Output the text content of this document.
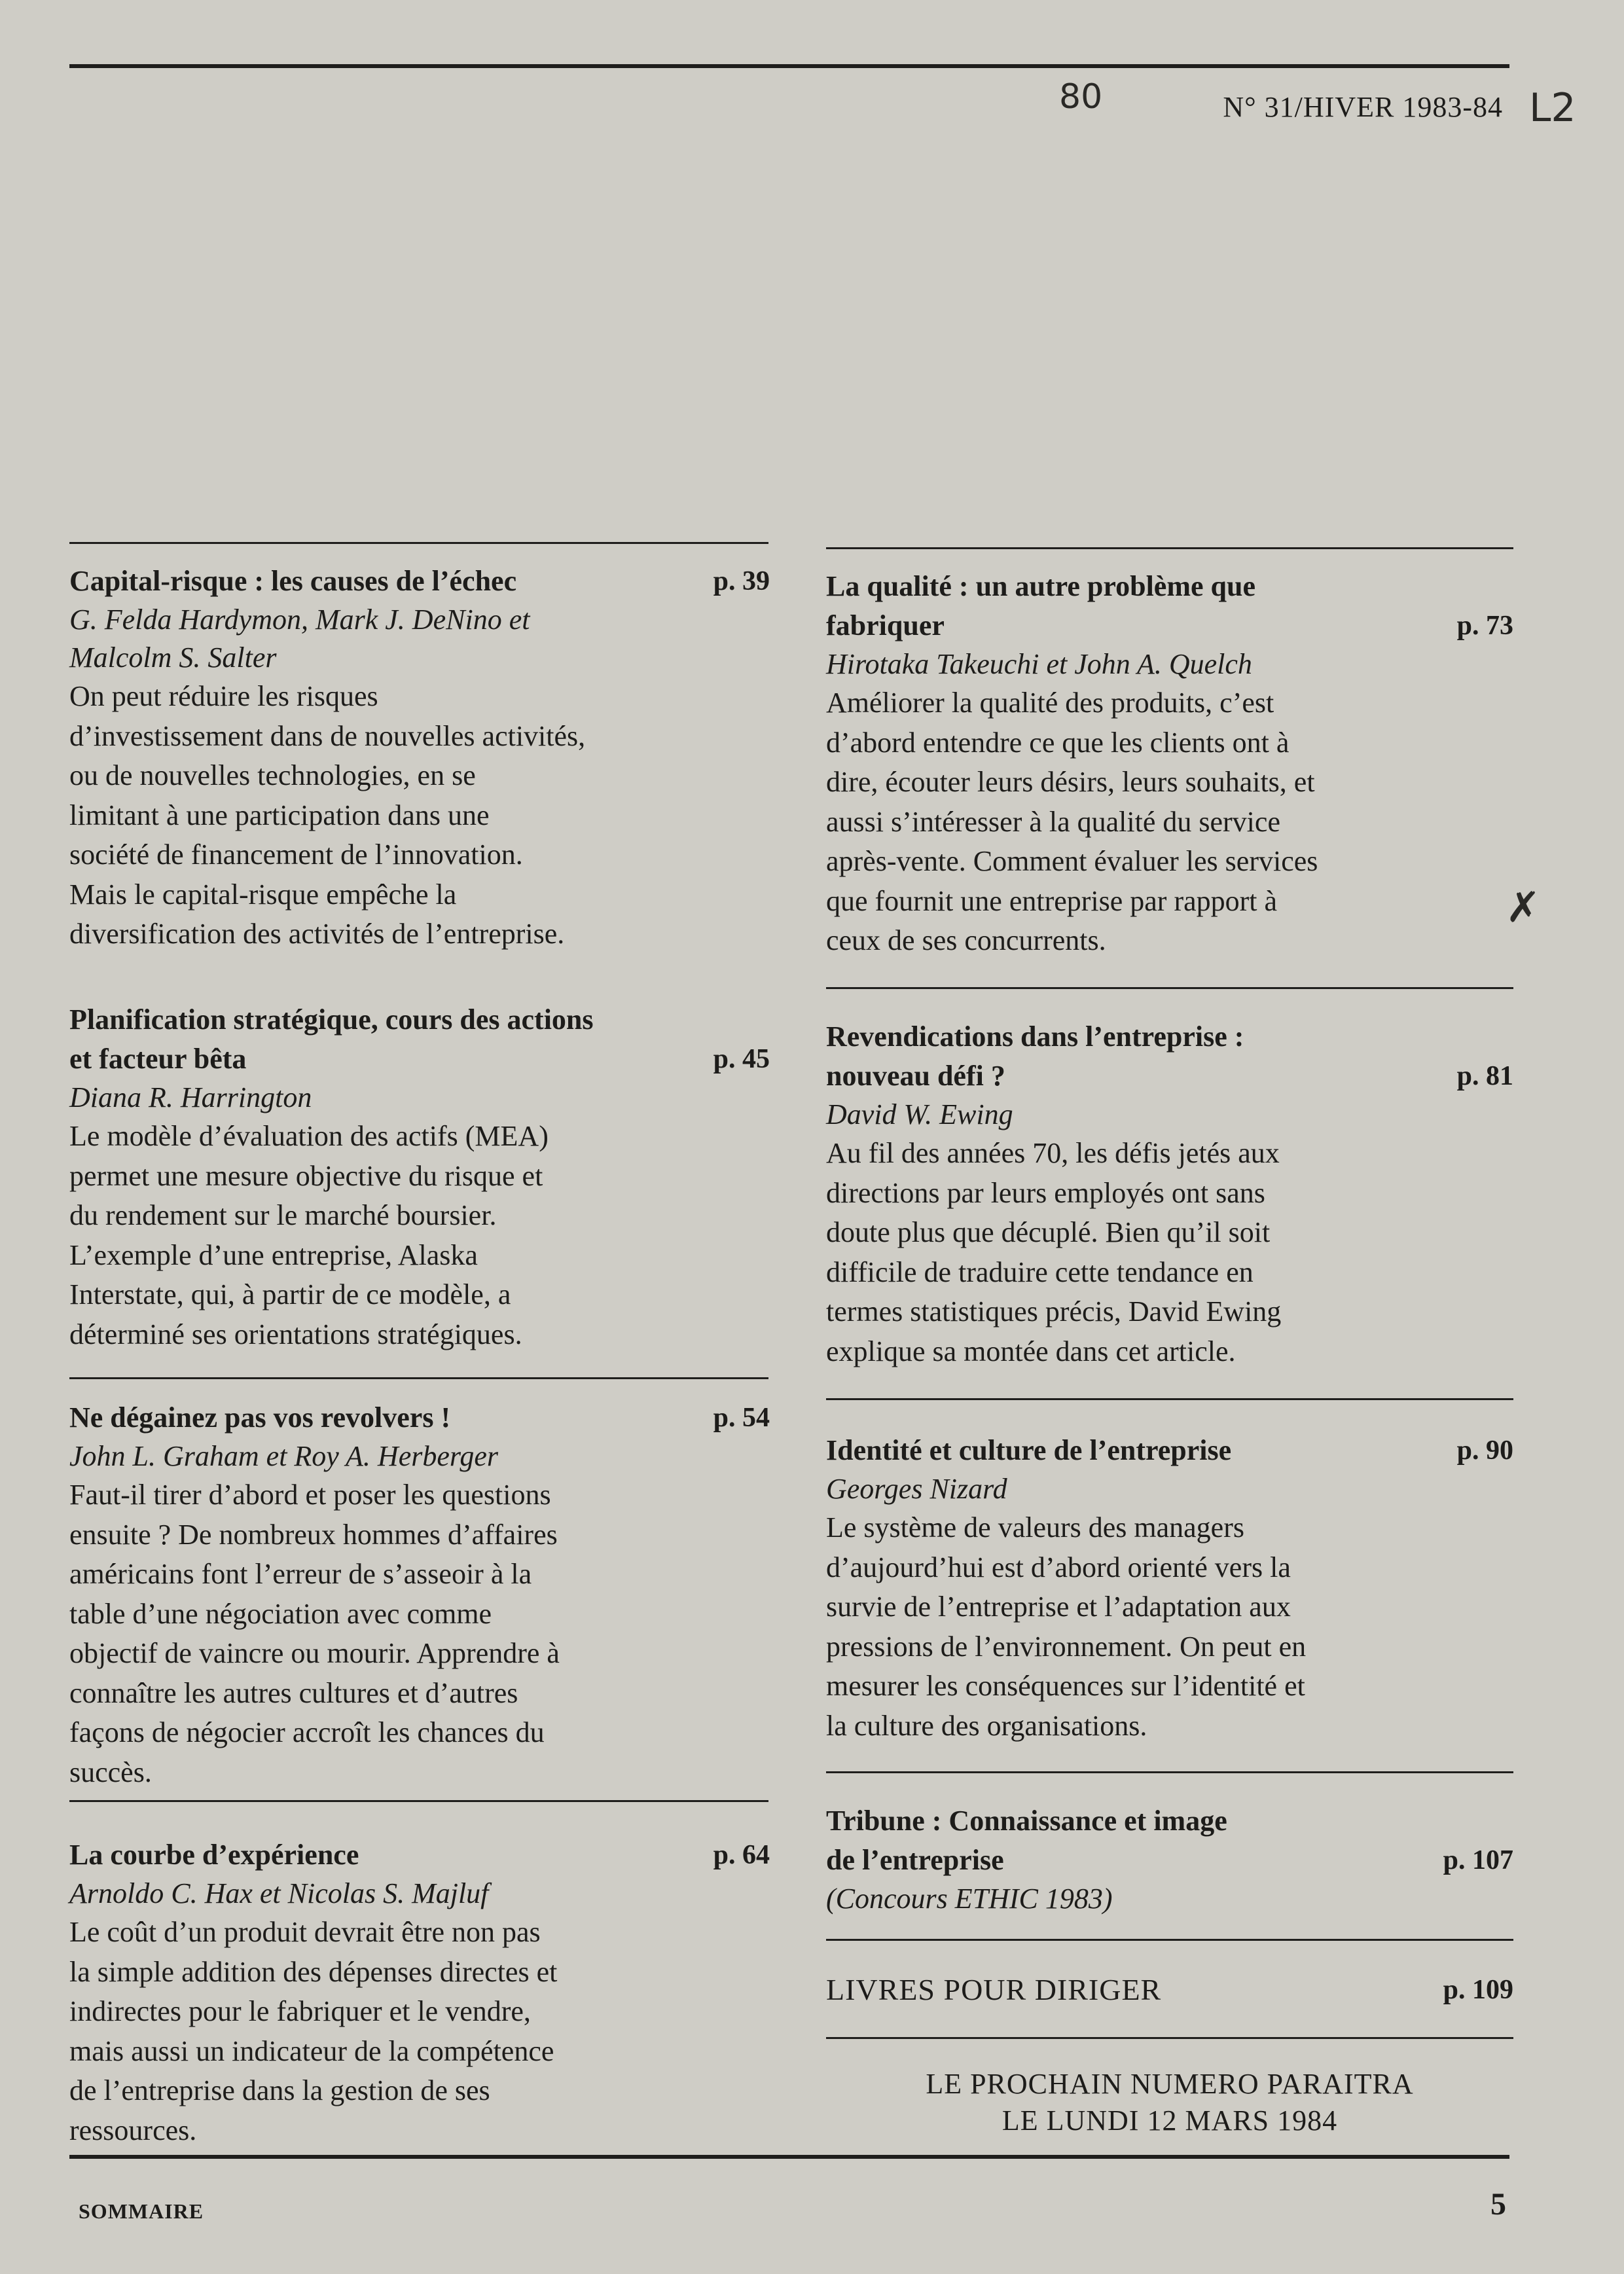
80	L2
N° 31/HIVER 1983-84
Capital-risque : les causes de l’échec	p. 39
G. Felda Hardymon, Mark J. DeNino et
Malcolm S. Salter
On peut réduire les risques
d’investissement dans de nouvelles activités,
ou de nouvelles technologies, en se
limitant à une participation dans une
société de financement de l’innovation.
Mais le capital-risque empêche la
diversification des activités de l’entreprise.
Planification stratégique, cours des actions
et facteur bêta	p. 45
Diana R. Harrington
Le modèle d’évaluation des actifs (MEA)
permet une mesure objective du risque et
du rendement sur le marché boursier.
L’exemple d’une entreprise, Alaska
Interstate, qui, à partir de ce modèle, a
déterminé ses orientations stratégiques.
Ne dégainez pas vos revolvers !	p. 54
John L. Graham et Roy A. Herberger
Faut-il tirer d’abord et poser les questions
ensuite ? De nombreux hommes d’affaires
américains font l’erreur de s’asseoir à la
table d’une négociation avec comme
objectif de vaincre ou mourir. Apprendre à
connaître les autres cultures et d’autres
façons de négocier accroît les chances du
succès.
La courbe d’expérience	p. 64
Arnoldo C. Hax et Nicolas S. Majluf
Le coût d’un produit devrait être non pas
la simple addition des dépenses directes et
indirectes pour le fabriquer et le vendre,
mais aussi un indicateur de la compétence
de l’entreprise dans la gestion de ses
ressources.
La qualité : un autre problème que
fabriquer	p. 73
Hirotaka Takeuchi et John A. Quelch
Améliorer la qualité des produits, c’est
d’abord entendre ce que les clients ont à
dire, écouter leurs désirs, leurs souhaits, et
aussi s’intéresser à la qualité du service
après-vente. Comment évaluer les services
que fournit une entreprise par rapport à
ceux de ses concurrents.
✗
Revendications dans l’entreprise :
nouveau défi ?	p. 81
David W. Ewing
Au fil des années 70, les défis jetés aux
directions par leurs employés ont sans
doute plus que décuplé. Bien qu’il soit
difficile de traduire cette tendance en
termes statistiques précis, David Ewing
explique sa montée dans cet article.
Identité et culture de l’entreprise	p. 90
Georges Nizard
Le système de valeurs des managers
d’aujourd’hui est d’abord orienté vers la
survie de l’entreprise et l’adaptation aux
pressions de l’environnement. On peut en
mesurer les conséquences sur l’identité et
la culture des organisations.
Tribune : Connaissance et image
de l’entreprise	p. 107
(Concours ETHIC 1983)
LIVRES POUR DIRIGER	p. 109
LE PROCHAIN NUMERO PARAITRA
LE LUNDI 12 MARS 1984
SOMMAIRE	5
